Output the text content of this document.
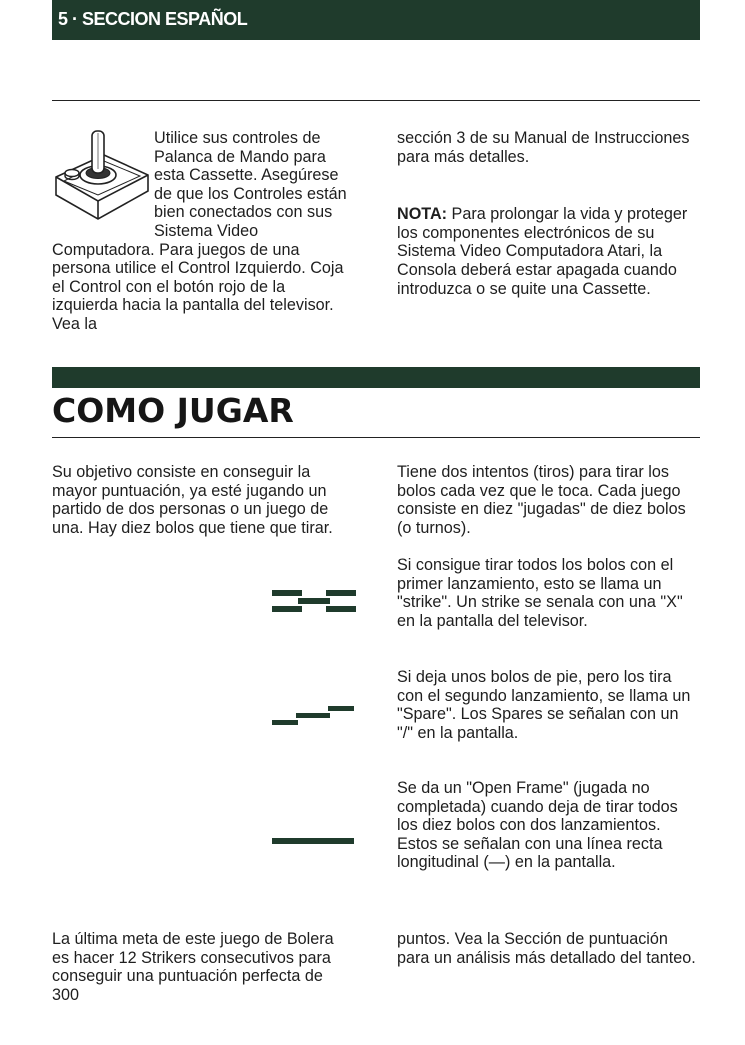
5 · SECCION ESPAÑOL

Utilice sus controles de Palanca de Mando para esta Cassette. Asegúrese de que los Controles están bien conectados con sus Sistema Video Computadora. Para juegos de una persona utilice el Control Izquierdo. Coja el Control con el botón rojo de la izquierda hacia la pantalla del televisor. Vea la

sección 3 de su Manual de Instrucciones para más detalles.

NOTA: Para prolongar la vida y proteger los componentes electrónicos de su Sistema Video Computadora Atari, la Consola deberá estar apagada cuando introduzca o se quite una Cassette.

COMO JUGAR
Su objetivo consiste en conseguir la mayor puntuación, ya esté jugando un partido de dos personas o un juego de una. Hay diez bolos que tiene que tirar.
Tiene dos intentos (tiros) para tirar los bolos cada vez que le toca. Cada juego consiste en diez "jugadas" de diez bolos (o turnos).
Si consigue tirar todos los bolos con el primer lanzamiento, esto se llama un "strike". Un strike se senala con una "X" en la pantalla del televisor.
Si deja unos bolos de pie, pero los tira con el segundo lanzamiento, se llama un "Spare". Los Spares se señalan con un "/" en la pantalla.
Se da un "Open Frame" (jugada no completada) cuando deja de tirar todos los diez bolos con dos lanzamientos. Estos se señalan con una línea recta longitudinal (—) en la pantalla.
La última meta de este juego de Bolera es hacer 12 Strikers consecutivos para conseguir una puntuación perfecta de 300
puntos. Vea la Sección de puntuación para un análisis más detallado del tanteo.
